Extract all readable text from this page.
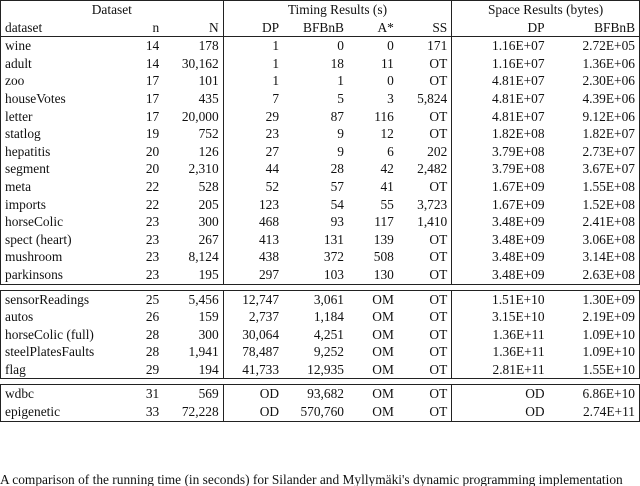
Dataset			Timing Results (s)				Space Results (bytes)	
dataset	n	N	DP	BFBnB	A*	SS	DP	BFBnB
wine	14	178	1	0	0	171	1.16E+07	2.72E+05
adult	14	30,162	1	18	11	OT	1.16E+07	1.36E+06
zoo	17	101	1	1	0	OT	4.81E+07	2.30E+06
houseVotes	17	435	7	5	3	5,824	4.81E+07	4.39E+06
letter	17	20,000	29	87	116	OT	4.81E+07	9.12E+06
statlog	19	752	23	9	12	OT	1.82E+08	1.82E+07
hepatitis	20	126	27	9	6	202	3.79E+08	2.73E+07
segment	20	2,310	44	28	42	2,482	3.79E+08	3.67E+07
meta	22	528	52	57	41	OT	1.67E+09	1.55E+08
imports	22	205	123	54	55	3,723	1.67E+09	1.52E+08
horseColic	23	300	468	93	117	1,410	3.48E+09	2.41E+08
spect (heart)	23	267	413	131	139	OT	3.48E+09	3.06E+08
mushroom	23	8,124	438	372	508	OT	3.48E+09	3.14E+08
parkinsons	23	195	297	103	130	OT	3.48E+09	2.63E+08

sensorReadings	25	5,456	12,747	3,061	OM	OT	1.51E+10	1.30E+09
autos	26	159	2,737	1,184	OM	OT	3.15E+10	2.19E+09
horseColic (full)	28	300	30,064	4,251	OM	OT	1.36E+11	1.09E+10
steelPlatesFaults	28	1,941	78,487	9,252	OM	OT	1.36E+11	1.09E+10
flag	29	194	41,733	12,935	OM	OT	2.81E+11	1.55E+10

wdbc	31	569	OD	93,682	OM	OT	OD	6.86E+10
epigenetic	33	72,228	OD	570,760	OM	OT	OD	2.74E+11
A comparison of the running time (in seconds) for Silander and Myllymäki's dynamic programming implementation
